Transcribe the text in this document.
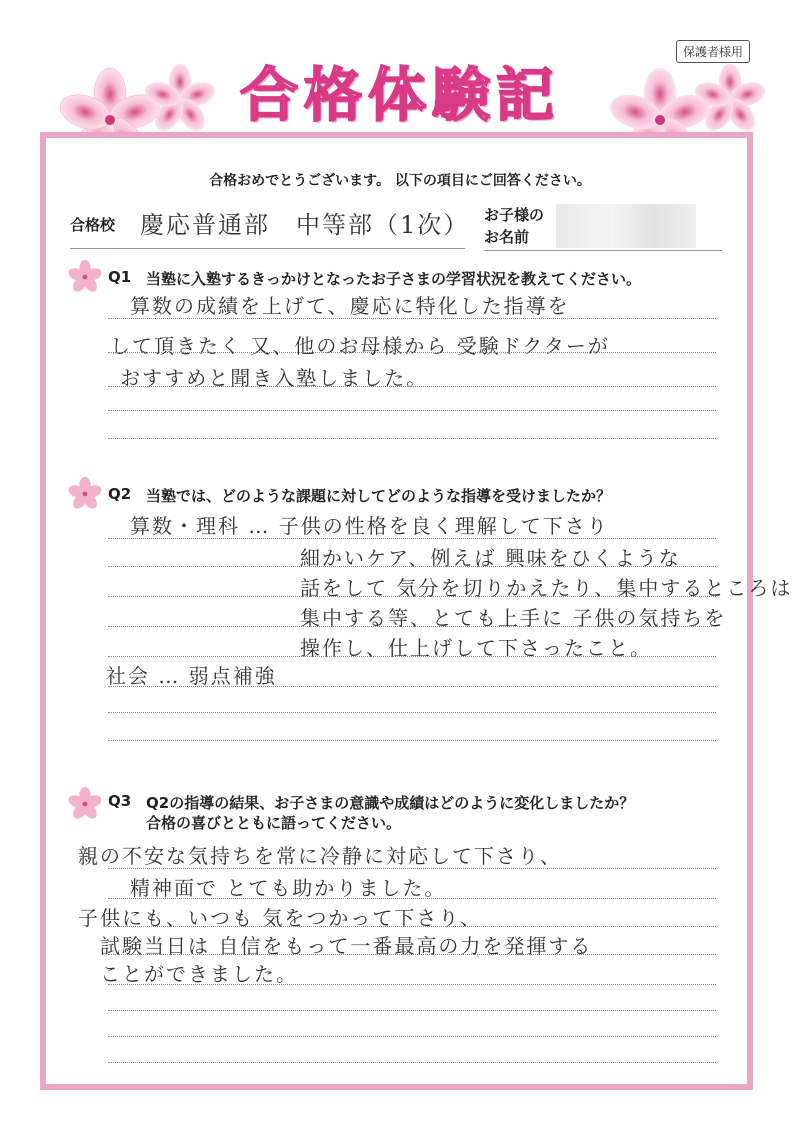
保護者様用
合格体験記
合格おめでとうございます。 以下の項目にご回答ください。
合格校 慶応普通部　中等部（1次） お子様の
お名前
Q1 当塾に入塾するきっかけとなったお子さまの学習状況を教えてください。
算数の成績を上げて、慶応に特化した指導を
して頂きたく 又、他のお母様から 受験ドクターが
おすすめと聞き入塾しました。
Q2 当塾では、どのような課題に対してどのような指導を受けましたか？
算数・理科 … 子供の性格を良く理解して下さり
細かいケア、例えば 興味をひくような
話をして 気分を切りかえたり、集中するところは
集中する等、とても上手に 子供の気持ちを
操作し、仕上げして下さったこと。
社会 … 弱点補強
Q3 Q2の指導の結果、お子さまの意識や成績はどのように変化しましたか？
合格の喜びとともに語ってください。
親の不安な気持ちを常に冷静に対応して下さり、
精神面で とても助かりました。
子供にも、いつも 気をつかって下さり、
試験当日は 自信をもって一番最高の力を発揮する
ことができました。
